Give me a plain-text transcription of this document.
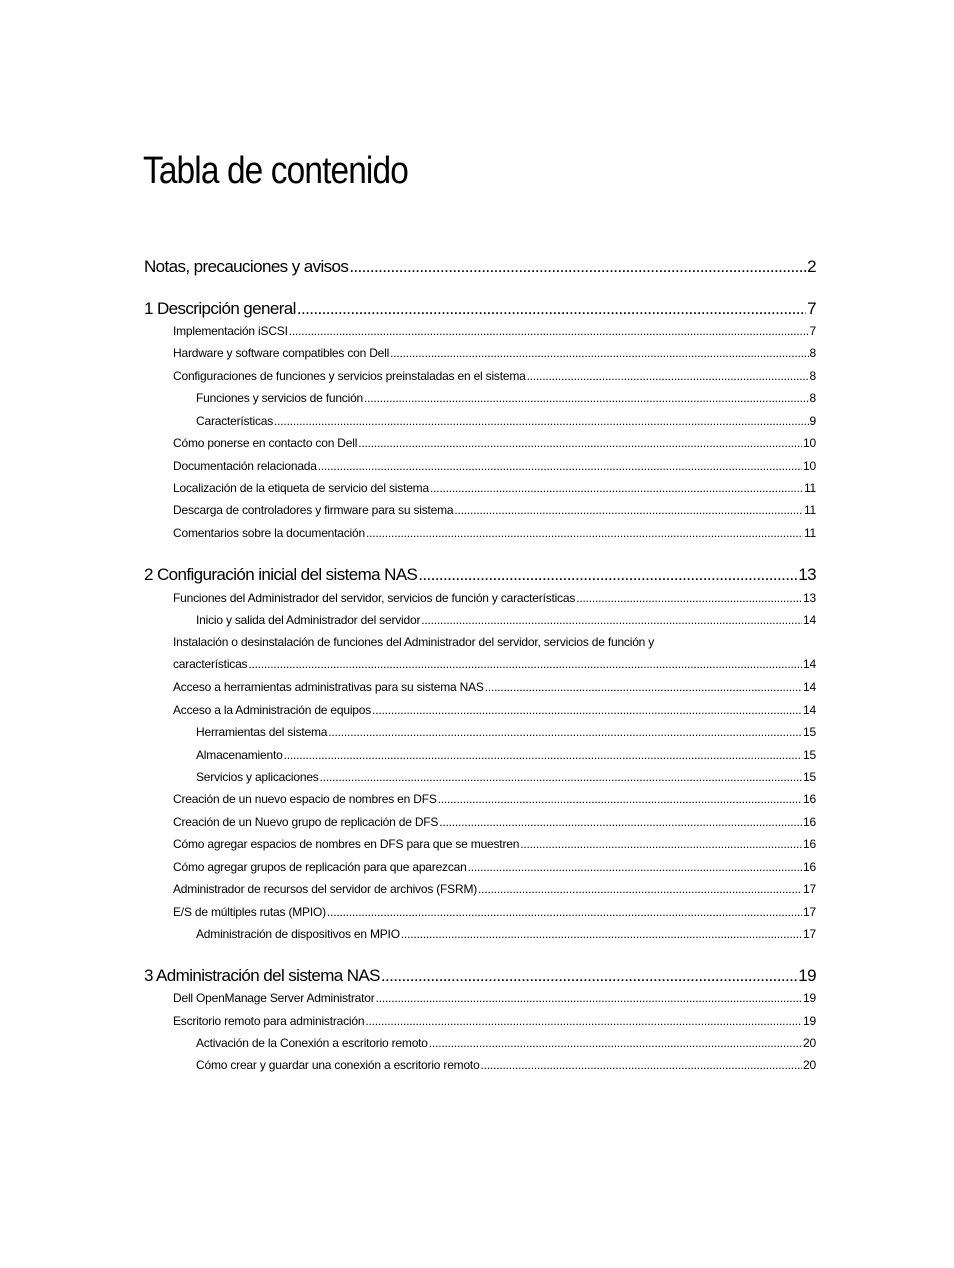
Tabla de contenido
Notas, precauciones y avisos .....	2
1 Descripción general .....	7
Implementación iSCSI .....	7
Hardware y software compatibles con Dell .....	8
Configuraciones de funciones y servicios preinstaladas en el sistema .....	8
Funciones y servicios de función .....	8
Características .....	9
Cómo ponerse en contacto con Dell .....	10
Documentación relacionada .....	10
Localización de la etiqueta de servicio del sistema .....	11
Descarga de controladores y firmware para su sistema .....	11
Comentarios sobre la documentación .....	11
2 Configuración inicial del sistema NAS .....	13
Funciones del Administrador del servidor, servicios de función y características .....	13
Inicio y salida del Administrador del servidor .....	14
Instalación o desinstalación de funciones del Administrador del servidor, servicios de función y
características .....	14
Acceso a herramientas administrativas para su sistema NAS .....	14
Acceso a la Administración de equipos .....	14
Herramientas del sistema .....	15
Almacenamiento .....	15
Servicios y aplicaciones .....	15
Creación de un nuevo espacio de nombres en DFS .....	16
Creación de un Nuevo grupo de replicación de DFS .....	16
Cómo agregar espacios de nombres en DFS para que se muestren .....	16
Cómo agregar grupos de replicación para que aparezcan .....	16
Administrador de recursos del servidor de archivos (FSRM) .....	17
E/S de múltiples rutas (MPIO) .....	17
Administración de dispositivos en MPIO .....	17
3 Administración del sistema NAS .....	19
Dell OpenManage Server Administrator .....	19
Escritorio remoto para administración .....	19
Activación de la Conexión a escritorio remoto .....	20
Cómo crear y guardar una conexión a escritorio remoto .....	20
